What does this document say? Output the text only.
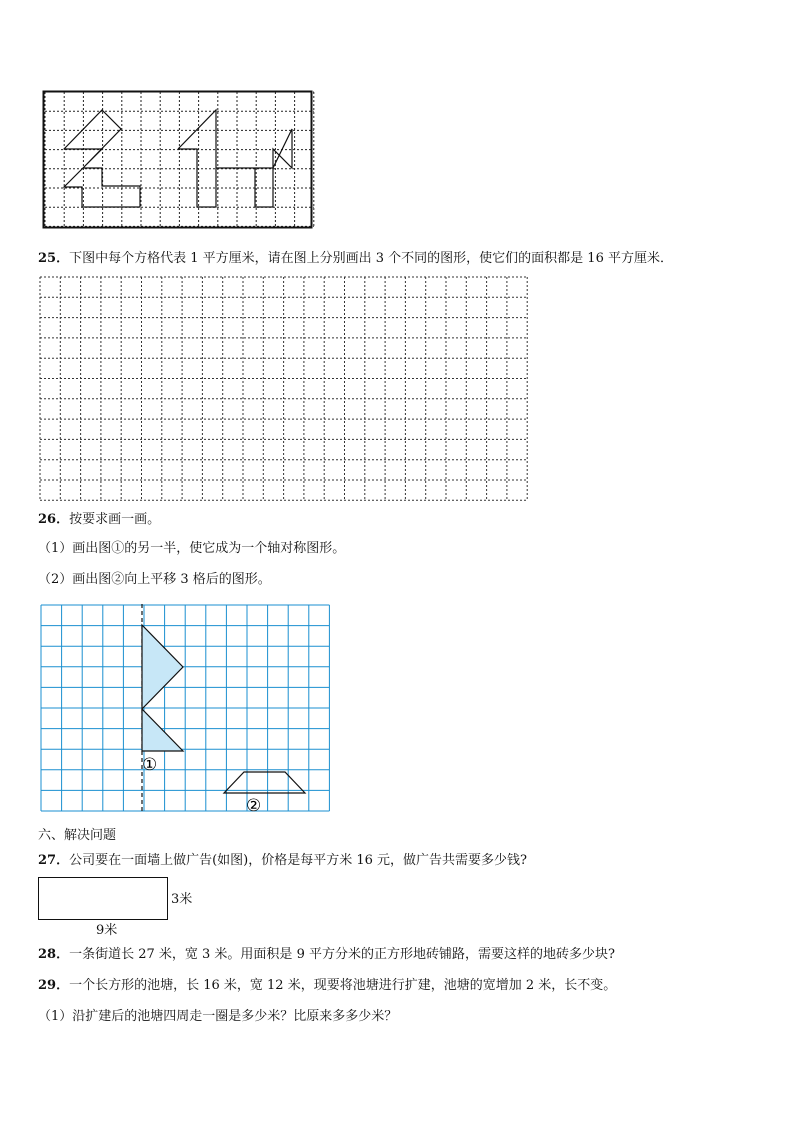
25．下图中每个方格代表 1 平方厘米，请在图上分别画出 3 个不同的图形，使它们的面积都是 16 平方厘米．
26．按要求画一画。
（1）画出图①的另一半，使它成为一个轴对称图形。
（2）画出图②向上平移 3 格后的图形。
①
②
六、解决问题
27．公司要在一面墙上做广告(如图)，价格是每平方米 16 元，做广告共需要多少钱?
3米
9米
28．一条街道长 27 米，宽 3 米。用面积是 9 平方分米的正方形地砖铺路，需要这样的地砖多少块?
29．一个长方形的池塘，长 16 米，宽 12 米，现要将池塘进行扩建，池塘的宽增加 2 米，长不变。
（1）沿扩建后的池塘四周走一圈是多少米？比原来多多少米？
